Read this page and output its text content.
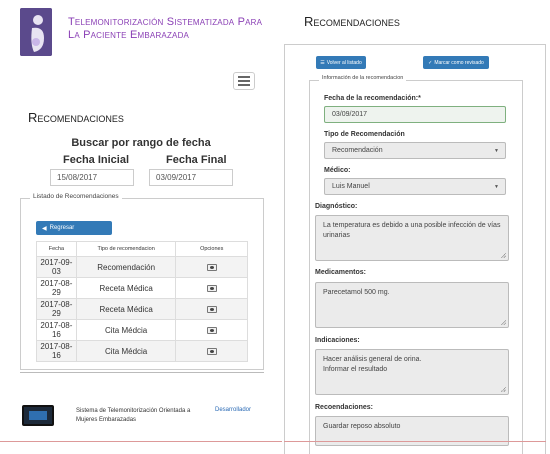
Telemonitorización Sistematizada Para La Paciente Embarazada
Recomendaciones
Buscar por rango de fecha
Fecha Inicial	Fecha Final
15/08/2017	03/09/2017
Listado de Recomendaciones
◀ Regresar
Fecha	Tipo de recomendacion	Opciones
2017-09-03	Recomendación	
2017-08-29	Receta Médica	
2017-08-29	Receta Médica	
2017-08-16	Cita Médcia	
2017-08-16	Cita Médcia	
Sistema de Telemonitorización Orientada a Mujeres Embarazadas
Desarrollador
Recomendaciones
☰ Volver al listado	✓ Marcar como revisado
Información de la recomendacion
Fecha de la recomendación:*
03/09/2017
Tipo de Recomendación
Recomendación	▼
Médico:
Luis Manuel	▼
Diagnóstico:
La temperatura es debido a una posible infección de vías urinarias
Medicamentos:
Parecetamol 500 mg.
Indicaciones:
Hacer análisis general de orina.
Informar el resultado
Recoendaciones:
Guardar reposo absoluto
